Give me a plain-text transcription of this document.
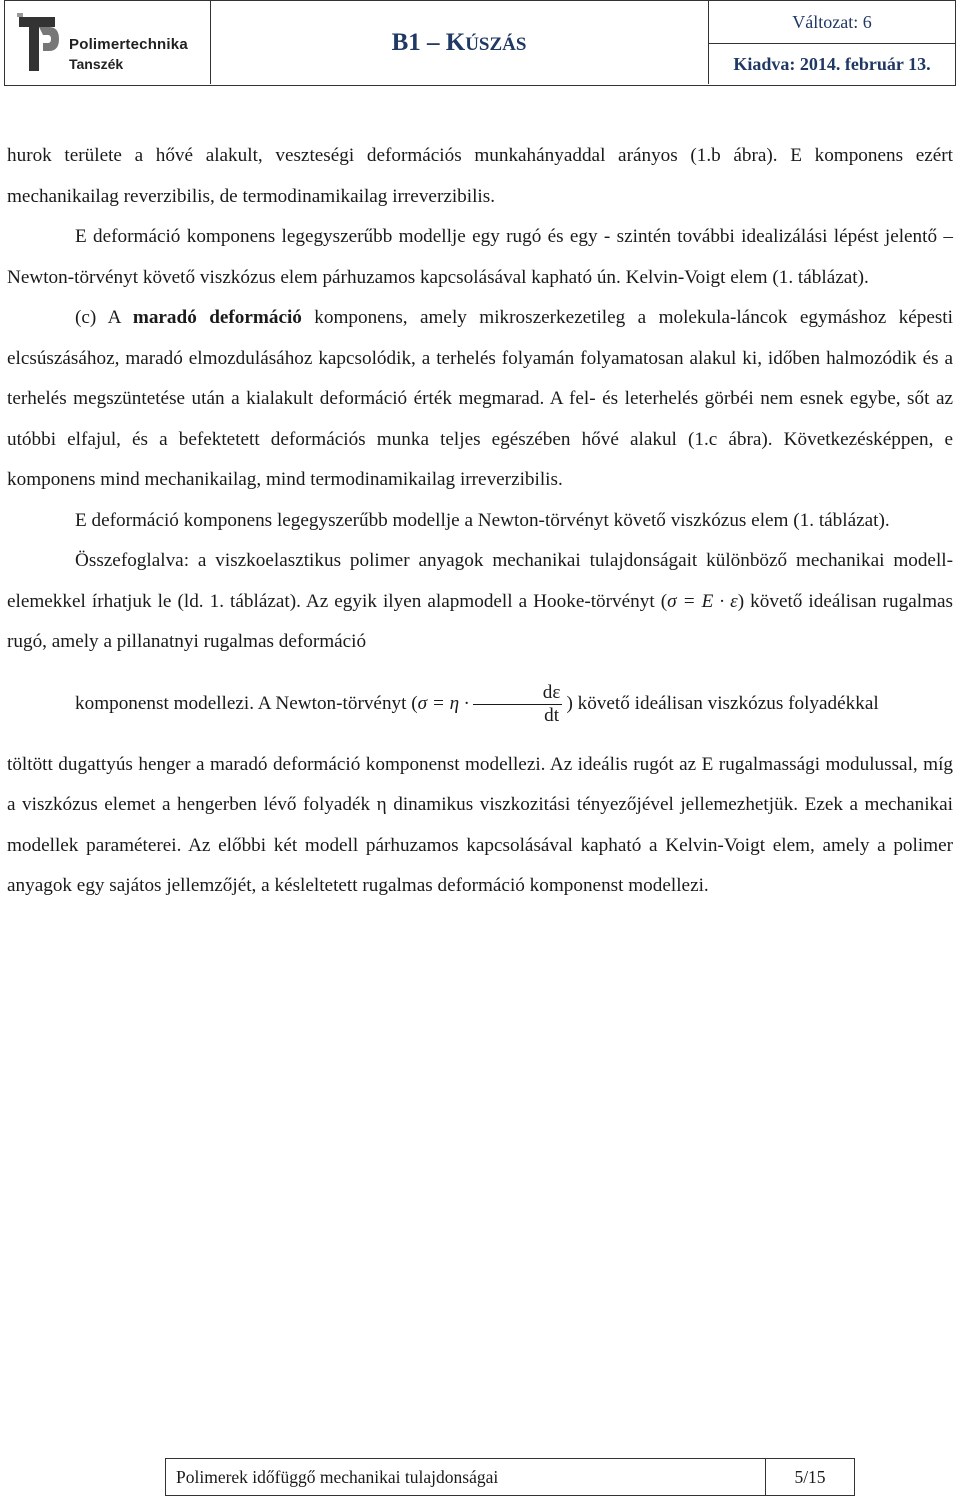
Polimertechnika
Tanszék
B1 – KÚSZÁS
Változat: 6
Kiadva: 2014. február 13.

hurok területe a hővé alakult, veszteségi deformációs munkahányaddal arányos (1.b ábra). E komponens ezért mechanikailag reverzibilis, de termodinamikailag irreverzibilis.

E deformáció komponens legegyszerűbb modellje egy rugó és egy - szintén további idealizálási lépést jelentő – Newton-törvényt követő viszkózus elem párhuzamos kapcsolásával kapható ún. Kelvin-Voigt elem (1. táblázat).

(c) A maradó deformáció komponens, amely mikroszerkezetileg a molekula-láncok egymáshoz képesti elcsúszásához, maradó elmozdulásához kapcsolódik, a terhelés folyamán folyamatosan alakul ki, időben halmozódik és a terhelés megszüntetése után a kialakult deformáció érték megmarad. A fel- és leterhelés görbéi nem esnek egybe, sőt az utóbbi elfajul, és a befektetett deformációs munka teljes egészében hővé alakul (1.c ábra). Következésképpen, e komponens mind mechanikailag, mind termodinamikailag irreverzibilis.

E deformáció komponens legegyszerűbb modellje a Newton-törvényt követő viszkózus elem (1. táblázat).

Összefoglalva: a viszkoelasztikus polimer anyagok mechanikai tulajdonságait különböző mechanikai modell-elemekkel írhatjuk le (ld. 1. táblázat). Az egyik ilyen alapmodell a Hooke-törvényt (σ = E · ε) követő ideálisan rugalmas rugó, amely a pillanatnyi rugalmas deformáció
komponenst modellezi. A Newton-törvényt ($\sigma = \eta \cdot \frac{d\varepsilon}{dt}$ ) követő ideálisan viszkózus folyadékkal
töltött dugattyús henger a maradó deformáció komponenst modellezi. Az ideális rugót az E rugalmassági modulussal, míg a viszkózus elemet a hengerben lévő folyadék η dinamikus viszkozitási tényezőjével jellemezhetjük. Ezek a mechanikai modellek paraméterei. Az előbbi két modell párhuzamos kapcsolásával kapható a Kelvin-Voigt elem, amely a polimer anyagok egy sajátos jellemzőjét, a késleltetett rugalmas deformáció komponenst modellezi.

Polimerek időfüggő mechanikai tulajdonságai	5/15
